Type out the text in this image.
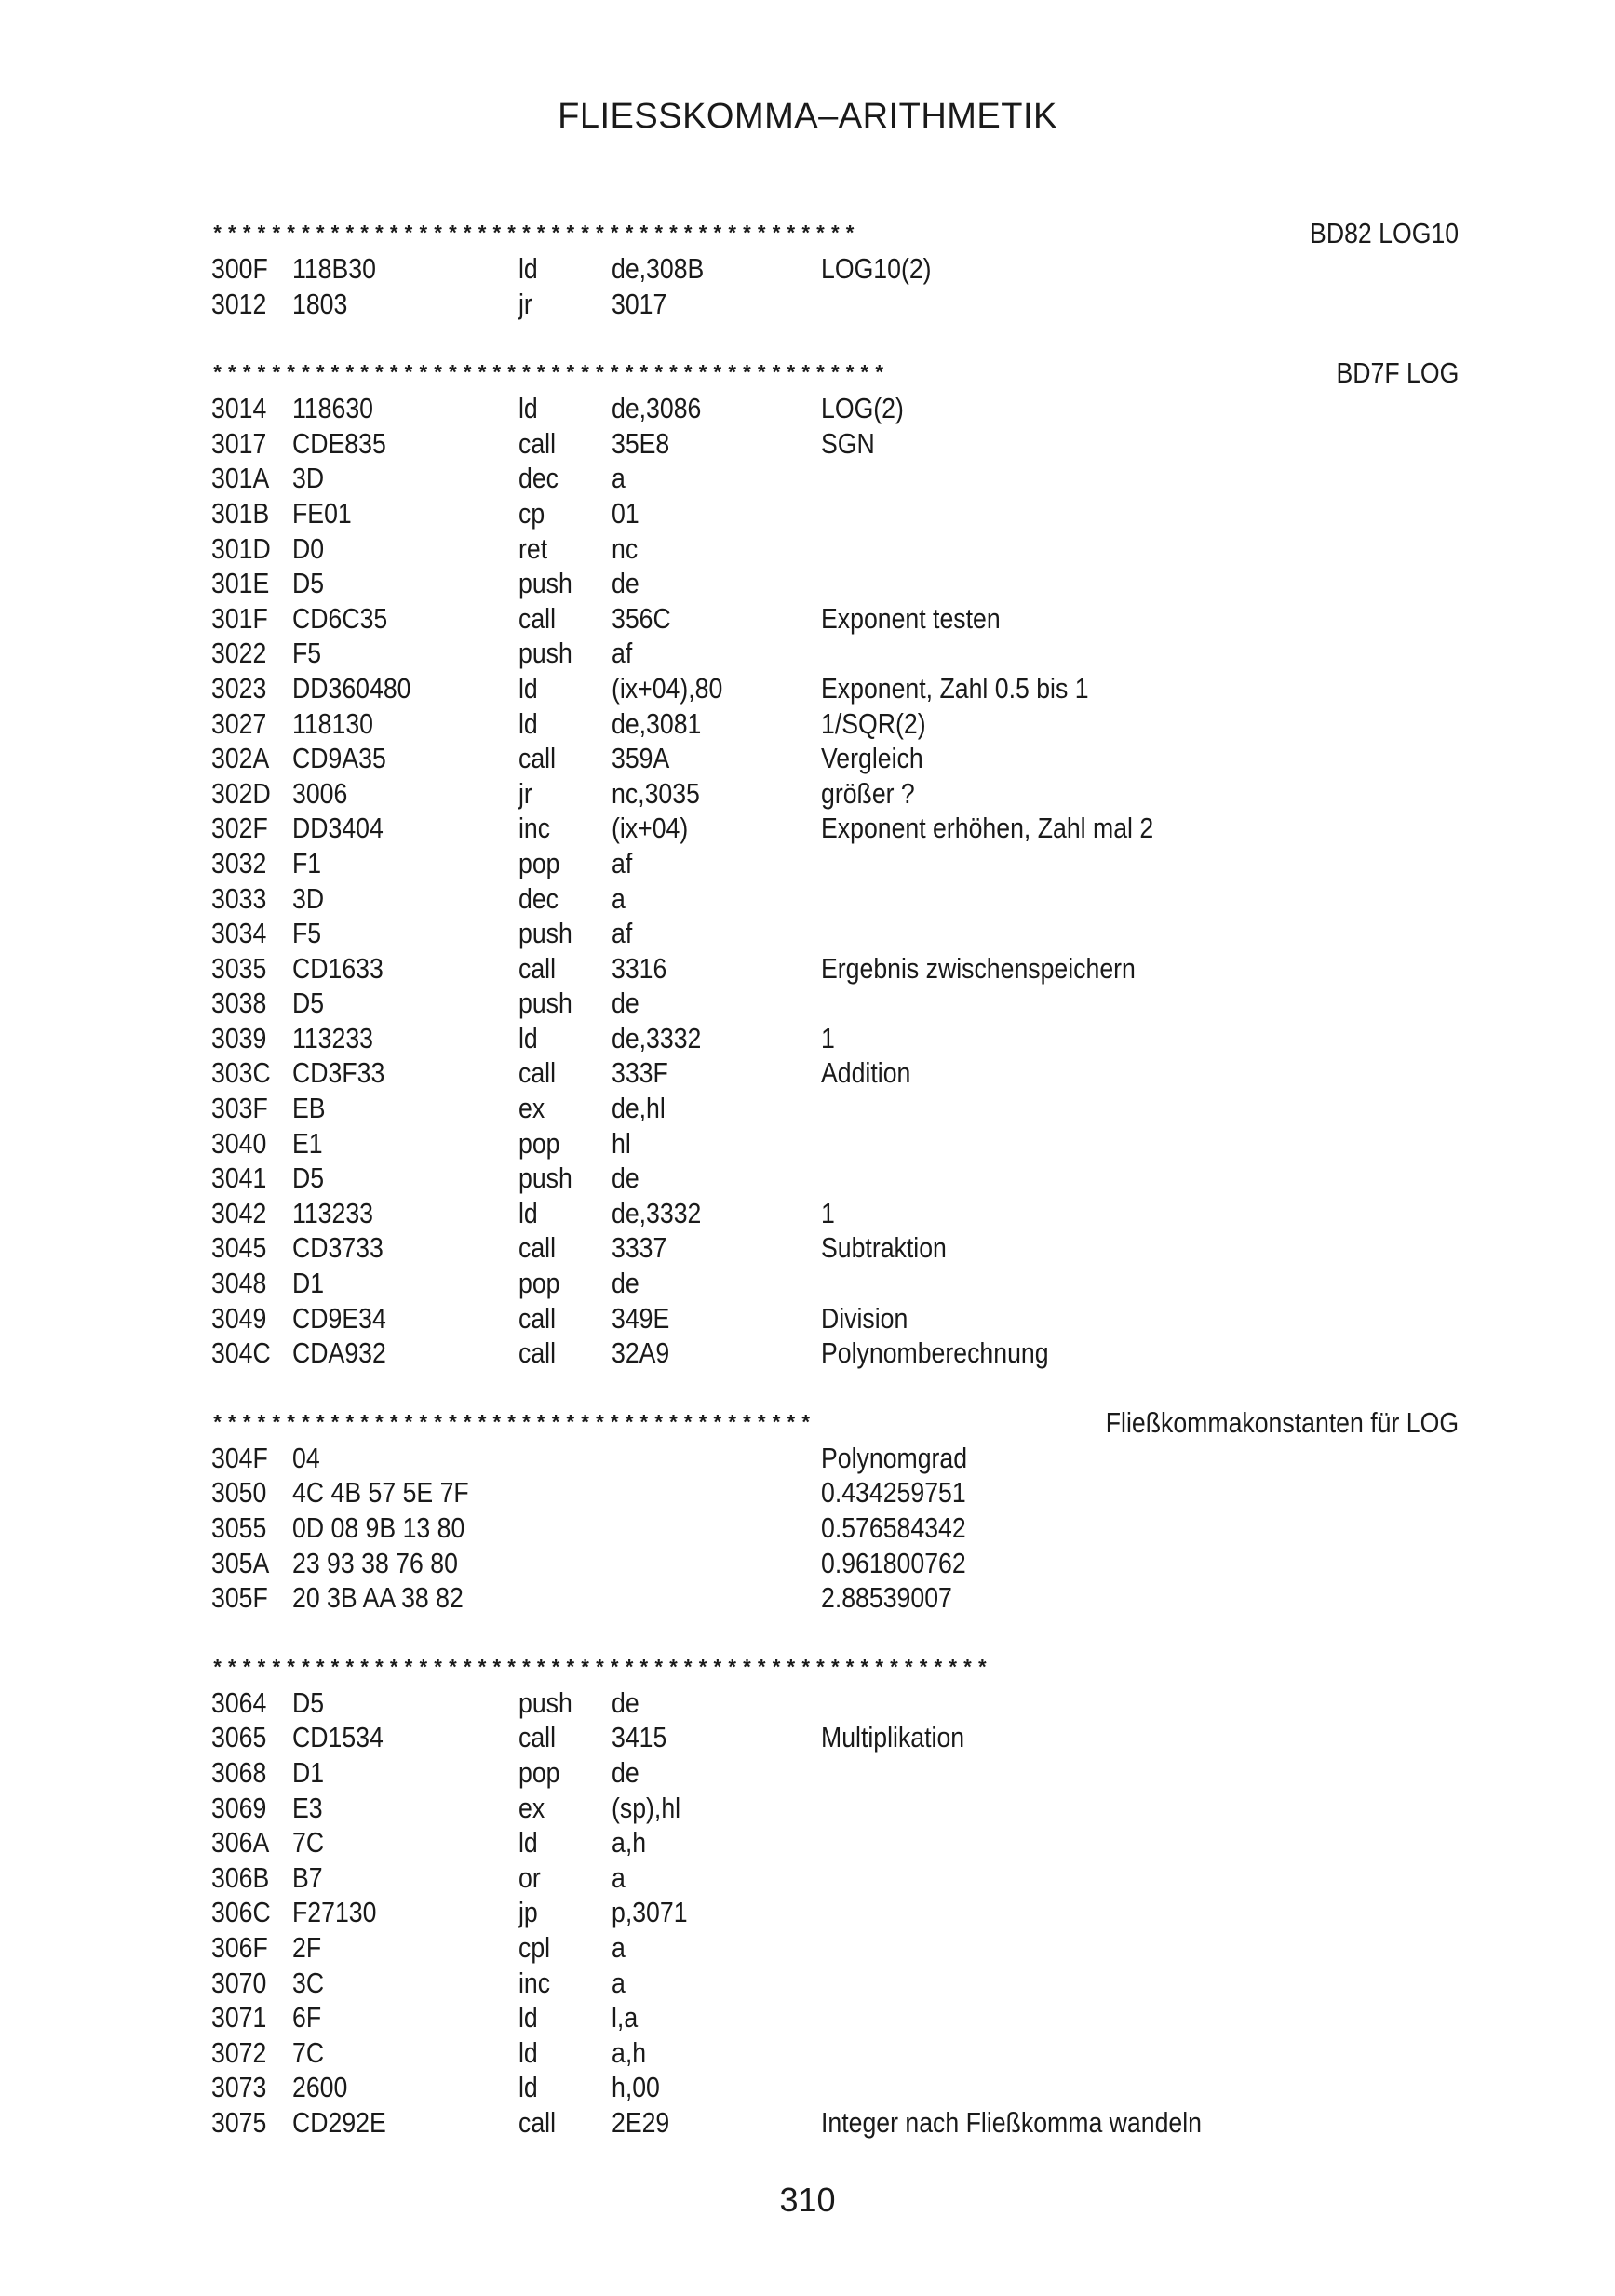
FLIESSKOMMA–ARITHMETIK
********************************************	BD82 LOG10
300F 118B30	ld	de,308B	LOG10(2)
3012 1803	jr	3017
**********************************************	BD7F LOG
3014 118630	ld	de,3086	LOG(2)
3017 CDE835	call 35E8	SGN
301A 3D	dec a
301B FE01	cp 01
301D D0	ret nc
301E D5	push de
301F CD6C35	call 356C	Exponent testen
3022 F5	push af
3023 DD360480	ld	(ix+04),80	Exponent, Zahl 0.5 bis 1
3027 118130	ld	de,3081	1/SQR(2)
302A CD9A35	call 359A	Vergleich
302D 3006	jr	nc,3035	größer ?
302F DD3404	inc (ix+04)	Exponent erhöhen, Zahl mal 2
3032 F1	pop af
3033 3D	dec a
3034 F5	push af
3035 CD1633	call 3316	Ergebnis zwischenspeichern
3038 D5	push de
3039 113233	ld	de,3332	1
303C CD3F33	call 333F	Addition
303F EB	ex de,hl
3040 E1	pop hl
3041 D5	push de
3042 113233	ld	de,3332	1
3045 CD3733	call 3337	Subtraktion
3048 D1	pop de
3049 CD9E34	call 349E	Division
304C CDA932	call 32A9	Polynomberechnung
*****************************************	Fließkommakonstanten für LOG
304F 04	Polynomgrad
3050 4C 4B 57 5E 7F	0.434259751
3055 0D 08 9B 13 80	0.576584342
305A 23 93 38 76 80	0.961800762
305F 20 3B AA 38 82	2.88539007
*****************************************************
3064 D5	push de
3065 CD1534	call 3415	Multiplikation
3068 D1	pop de
3069 E3	ex (sp),hl
306A 7C	ld	a,h
306B B7	or a
306C F27130	jp	p,3071
306F 2F	cpl a
3070 3C	inc a
3071 6F	ld	l,a
3072 7C	ld	a,h
3073 2600	ld	h,00
3075 CD292E	call 2E29	Integer nach Fließkomma wandeln
310
